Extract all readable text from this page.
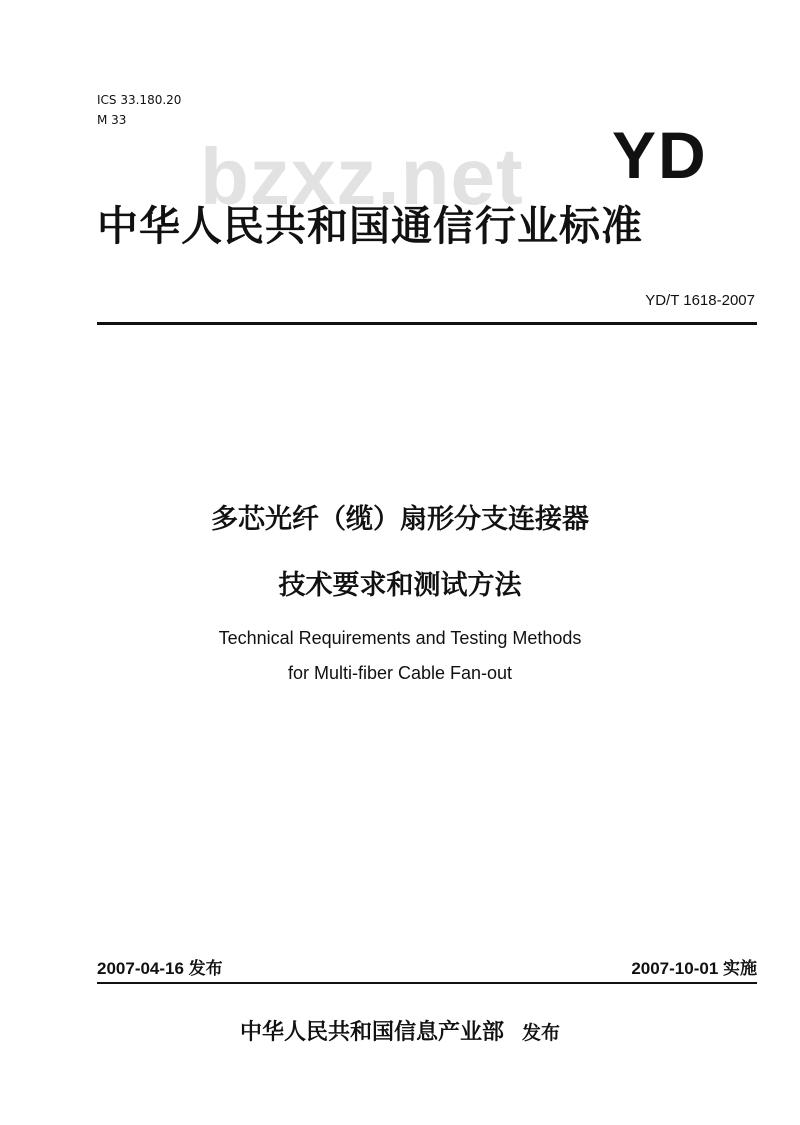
ICS 33.180.20
M 33
bzxz.net YD
中华人民共和国通信行业标准
YD/T 1618-2007
多芯光纤（缆）扇形分支连接器
技术要求和测试方法
Technical Requirements and Testing Methods
for Multi-fiber Cable Fan-out
2007-04-16 发布	2007-10-01 实施
中华人民共和国信息产业部 发布
